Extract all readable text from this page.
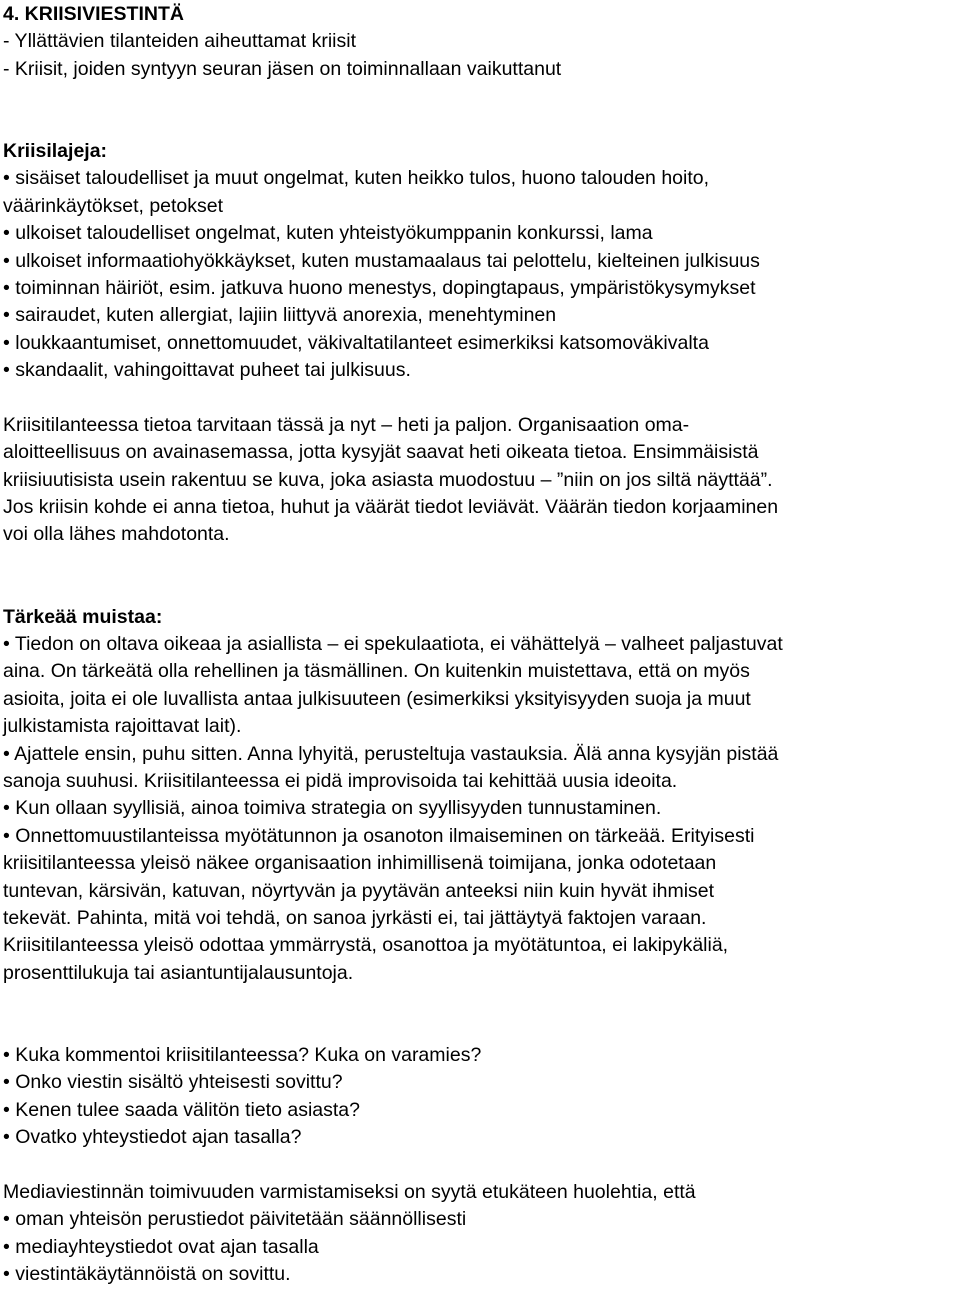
4. KRIISIVIESTINTÄ
- Yllättävien tilanteiden aiheuttamat kriisit
- Kriisit, joiden syntyyn seuran jäsen on toiminnallaan vaikuttanut
Kriisilajeja:
• sisäiset taloudelliset ja muut ongelmat, kuten heikko tulos, huono talouden hoito,
väärinkäytökset, petokset
• ulkoiset taloudelliset ongelmat, kuten yhteistyökumppanin konkurssi, lama
• ulkoiset informaatiohyökkäykset, kuten mustamaalaus tai pelottelu, kielteinen julkisuus
• toiminnan häiriöt, esim. jatkuva huono menestys, dopingtapaus, ympäristökysymykset
• sairaudet, kuten allergiat, lajiin liittyvä anorexia, menehtyminen
• loukkaantumiset, onnettomuudet, väkivaltatilanteet esimerkiksi katsomoväkivalta
• skandaalit, vahingoittavat puheet tai julkisuus.
Kriisitilanteessa tietoa tarvitaan tässä ja nyt – heti ja paljon. Organisaation oma-
aloitteellisuus on avainasemassa, jotta kysyjät saavat heti oikeata tietoa. Ensimmäisistä
kriisiuutisista usein rakentuu se kuva, joka asiasta muodostuu – ”niin on jos siltä näyttää”.
Jos kriisin kohde ei anna tietoa, huhut ja väärät tiedot leviävät. Väärän tiedon korjaaminen
voi olla lähes mahdotonta.
Tärkeää muistaa:
• Tiedon on oltava oikeaa ja asiallista – ei spekulaatiota, ei vähättelyä – valheet paljastuvat
aina. On tärkeätä olla rehellinen ja täsmällinen. On kuitenkin muistettava, että on myös
asioita, joita ei ole luvallista antaa julkisuuteen (esimerkiksi yksityisyyden suoja ja muut
julkistamista rajoittavat lait).
• Ajattele ensin, puhu sitten. Anna lyhyitä, perusteltuja vastauksia. Älä anna kysyjän pistää
sanoja suuhusi. Kriisitilanteessa ei pidä improvisoida tai kehittää uusia ideoita.
• Kun ollaan syyllisiä, ainoa toimiva strategia on syyllisyyden tunnustaminen.
• Onnettomuustilanteissa myötätunnon ja osanoton ilmaiseminen on tärkeää. Erityisesti
kriisitilanteessa yleisö näkee organisaation inhimillisenä toimijana, jonka odotetaan
tuntevan, kärsivän, katuvan, nöyrtyvän ja pyytävän anteeksi niin kuin hyvät ihmiset
tekevät. Pahinta, mitä voi tehdä, on sanoa jyrkästi ei, tai jättäytyä faktojen varaan.
Kriisitilanteessa yleisö odottaa ymmärrystä, osanottoa ja myötätuntoa, ei lakipykäliä,
prosenttilukuja tai asiantuntijalausuntoja.
• Kuka kommentoi kriisitilanteessa? Kuka on varamies?
• Onko viestin sisältö yhteisesti sovittu?
• Kenen tulee saada välitön tieto asiasta?
• Ovatko yhteystiedot ajan tasalla?
Mediaviestinnän toimivuuden varmistamiseksi on syytä etukäteen huolehtia, että
• oman yhteisön perustiedot päivitetään säännöllisesti
• mediayhteystiedot ovat ajan tasalla
• viestintäkäytännöistä on sovittu.
